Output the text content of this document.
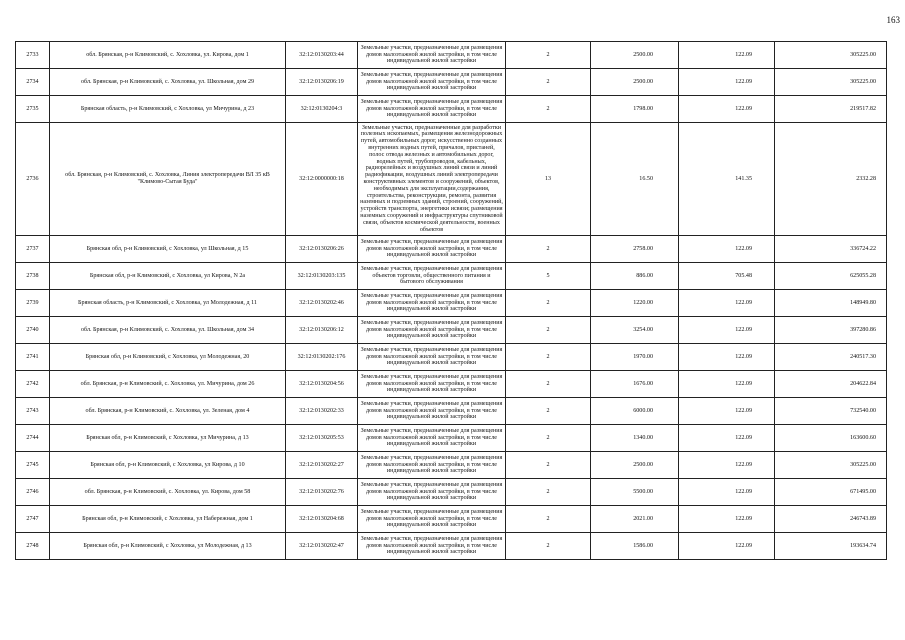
163
2733	обл. Брянская, р-н Климовский, с. Хохловка, ул. Кирова, дом 1	32:12:0130203:44	Земельные участки, предназначенные для размещения домов малоэтажной жилой застройки, в том числе индивидуальной жилой застройки	2	2500.00	122.09	305225.00
2734	обл. Брянская, р-н Климовский, с. Хохловка, ул. Школьная, дом 29	32:12:0130206:19	Земельные участки, предназначенные для размещения домов малоэтажной жилой застройки, в том числе индивидуальной жилой застройки	2	2500.00	122.09	305225.00
2735	Брянская область, р-н Климовский, с Хохловка, ул Мичурина, д 23	32:12:0130204:3	Земельные участки, предназначенные для размещения домов малоэтажной жилой застройки, в том числе индивидуальной жилой застройки	2	1798.00	122.09	219517.82
2736	обл. Брянская, р-н Климовский, с. Хохловка, Линия электропередачи ВЛ 35 кВ "Климово-Сытая Буда"	32:12:0000000:18	Земельные участки, предназначенные для разработки полезных ископаемых, размещения железнодорожных путей, автомобильных дорог, искусственно созданных внутренних водных путей, причалов, пристаней, полос отвода железных и автомобильных дорог, водных путей, трубопроводов, кабельных, радиорелейных и воздушных линий связи и линий радиофикации, воздушных линий электропередачи конструктивных элементов и сооружений, объектов, необходимых для эксплуатации,содержания, строительства, реконструкции, ремонта, развития наземных и подземных зданий, строений, сооружений, устройств транспорта, энергетики исвязи; размещения наземных сооружений и инфраструктуры спутниковой связи, объектов космической деятельности, военных объектов	13	16.50	141.35	2332.28
2737	Брянская обл, р-н Климовский, с Хохловка, ул Школьная, д 15	32:12:0130206:26	Земельные участки, предназначенные для размещения домов малоэтажной жилой застройки, в том числе индивидуальной жилой застройки	2	2758.00	122.09	336724.22
2738	Брянская обл, р-н Климовский, с Хохловка, ул Кирова, N 2а	32:12:0130203:135	Земельные участки, предназначенные для размещения объектов торговли, общественного питания и бытового обслуживания	5	886.00	705.48	625055.28
2739	Брянская область, р-н Климовский, с Хохловка, ул Молодежная, д 11	32:12:0130202:46	Земельные участки, предназначенные для размещения домов малоэтажной жилой застройки, в том числе индивидуальной жилой застройки	2	1220.00	122.09	148949.80
2740	обл. Брянская, р-н Климовский, с. Хохловка, ул. Школьная, дом 34	32:12:0130206:12	Земельные участки, предназначенные для размещения домов малоэтажной жилой застройки, в том числе индивидуальной жилой застройки	2	3254.00	122.09	397280.86
2741	Брянская обл, р-н Климовский, с Хохловка, ул Молодежная, 20	32:12:0130202:176	Земельные участки, предназначенные для размещения домов малоэтажной жилой застройки, в том числе индивидуальной жилой застройки	2	1970.00	122.09	240517.30
2742	обл. Брянская, р-н Климовский, с. Хохловка, ул. Мичурина, дом 26	32:12:0130204:56	Земельные участки, предназначенные для размещения домов малоэтажной жилой застройки, в том числе индивидуальной жилой застройки	2	1676.00	122.09	204622.84
2743	обл. Брянская, р-н Климовский, с. Хохловка, ул. Зеленая, дом 4	32:12:0130202:33	Земельные участки, предназначенные для размещения домов малоэтажной жилой застройки, в том числе индивидуальной жилой застройки	2	6000.00	122.09	732540.00
2744	Брянская обл, р-н Климовский, с Хохловка, ул Мичурина, д 13	32:12:0130205:53	Земельные участки, предназначенные для размещения домов малоэтажной жилой застройки, в том числе индивидуальной жилой застройки	2	1340.00	122.09	163600.60
2745	Брянская обл, р-н Климовский, с Хохловка, ул Кирова, д 10	32:12:0130202:27	Земельные участки, предназначенные для размещения домов малоэтажной жилой застройки, в том числе индивидуальной жилой застройки	2	2500.00	122.09	305225.00
2746	обл. Брянская, р-н Климовский, с. Хохловка, ул. Кирова, дом 58	32:12:0130202:76	Земельные участки, предназначенные для размещения домов малоэтажной жилой застройки, в том числе индивидуальной жилой застройки	2	5500.00	122.09	671495.00
2747	Брянская обл, р-н Климовский, с Хохловка, ул Набережная, дом 1	32:12:0130204:68	Земельные участки, предназначенные для размещения домов малоэтажной жилой застройки, в том числе индивидуальной жилой застройки	2	2021.00	122.09	246743.89
2748	Брянская обл, р-н Климовский, с Хохловка, ул Молодежная, д 13	32:12:0130202:47	Земельные участки, предназначенные для размещения домов малоэтажной жилой застройки, в том числе индивидуальной жилой застройки	2	1586.00	122.09	193634.74
